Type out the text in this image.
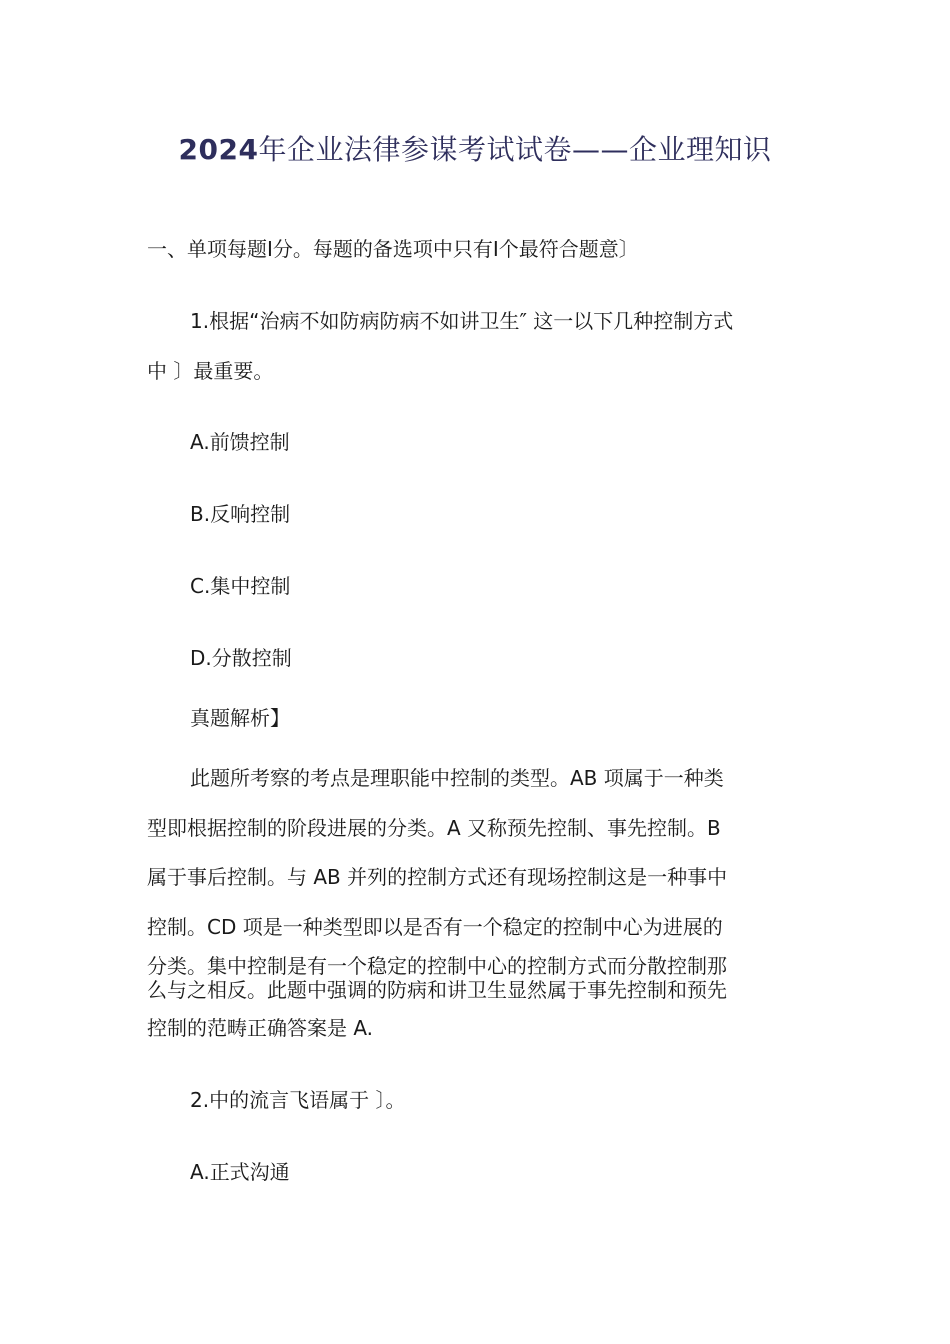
2024年企业法律参谋考试试卷——企业理知识
一、单项每题Ⅰ分。每题的备选项中只有Ⅰ个最符合题意〕
1.根据“治病不如防病防病不如讲卫生″ 这一以下几种控制方式
中 〕最重要。
A.前馈控制
B.反响控制
C.集中控制
D.分散控制
真题解析】
此题所考察的考点是理职能中控制的类型。AB 项属于一种类
型即根据控制的阶段进展的分类。A 又称预先控制、事先控制。B
属于事后控制。与 AB 并列的控制方式还有现场控制这是一种事中
控制。CD 项是一种类型即以是否有一个稳定的控制中心为进展的
分类。集中控制是有一个稳定的控制中心的控制方式而分散控制那
么与之相反。此题中强调的防病和讲卫生显然属于事先控制和预先
控制的范畴正确答案是 A.
2.中的流言飞语属于 〕。
A.正式沟通
